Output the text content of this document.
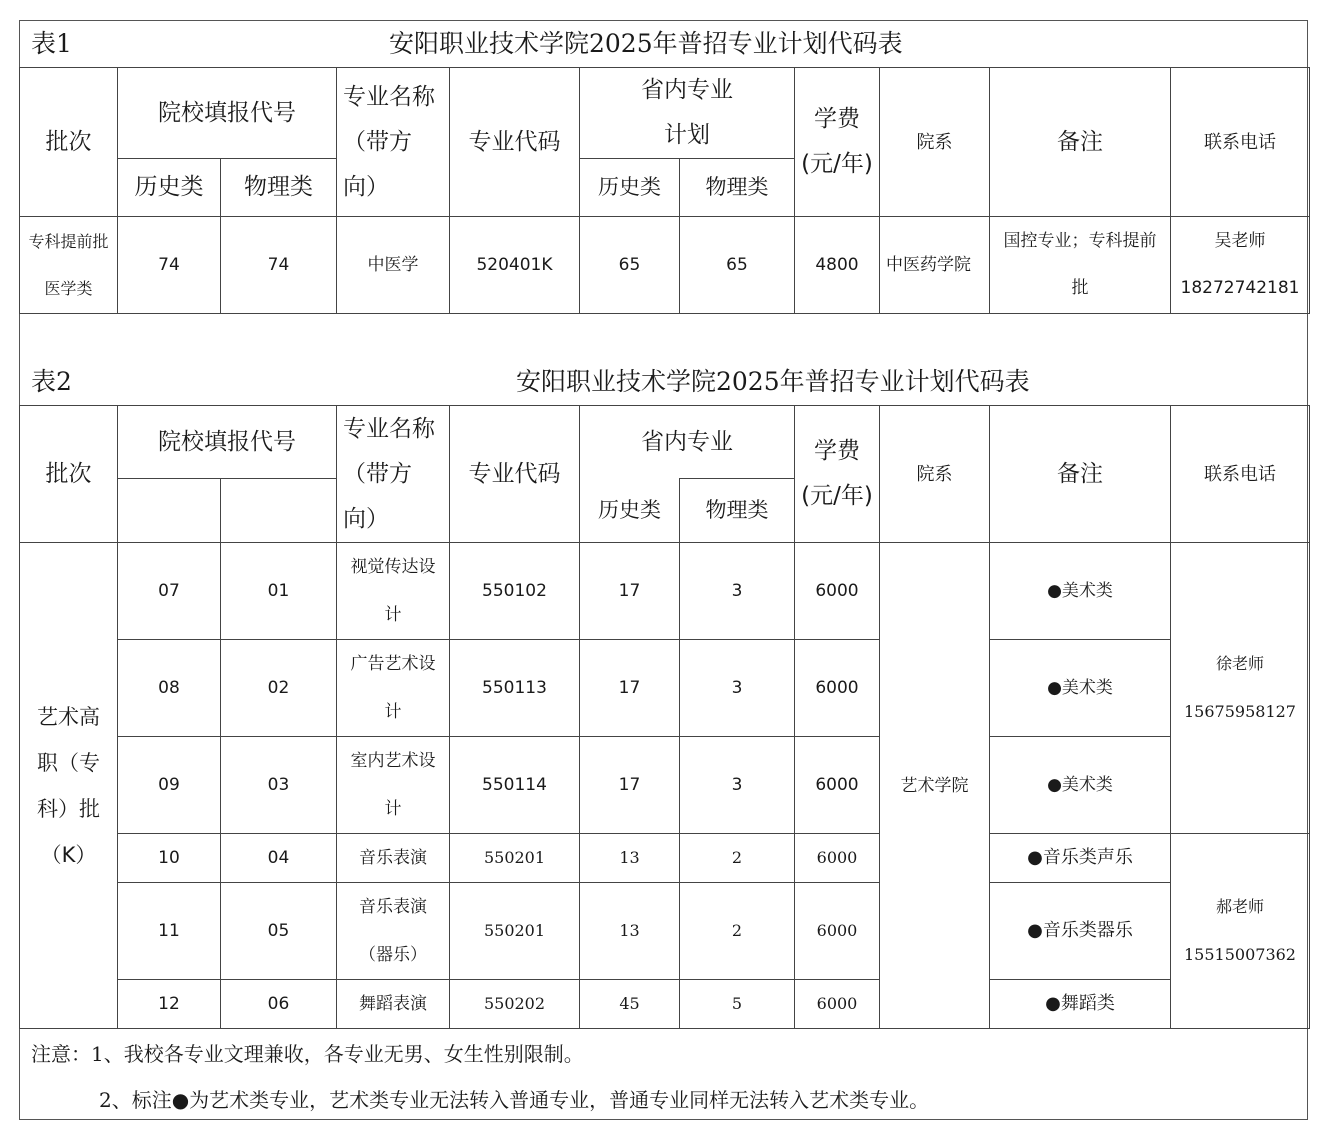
表1	安阳职业技术学院2025年普招专业计划代码表
批次	院校填报代号		专业名称（带方向）	专业代码	省内专业计划		学费(元/年)	院系	备注	联系电话
	历史类	物理类			历史类	物理类				
专科提前批医学类	74	74	中医学	520401K	65	65	4800	中医药学院	国控专业；专科提前批	吴老师
18272742181
表2	安阳职业技术学院2025年普招专业计划代码表
批次	院校填报代号		专业名称（带方向）	专业代码	省内专业		学费(元/年)	院系	备注	联系电话
					历史类	物理类				
艺术高职（专科）批（K）	07	01	视觉传达设计	550102	17	3	6000	艺术学院	●美术类	徐老师
15675958127

	08	02	广告艺术设计	550113	17	3	6000		●美术类	
	09	03	室内艺术设计	550114	17	3	6000		●美术类	
	10	04	音乐表演	550201	13	2	6000		●音乐类声乐	郝老师
15515007362

	11	05	音乐表演（器乐）	550201	13	2	6000		●音乐类器乐	
	12	06	舞蹈表演	550202	45	5	6000		●舞蹈类	
注意：1、我校各专业文理兼收，各专业无男、女生性别限制。
2、标注●为艺术类专业，艺术类专业无法转入普通专业，普通专业同样无法转入艺术类专业。
